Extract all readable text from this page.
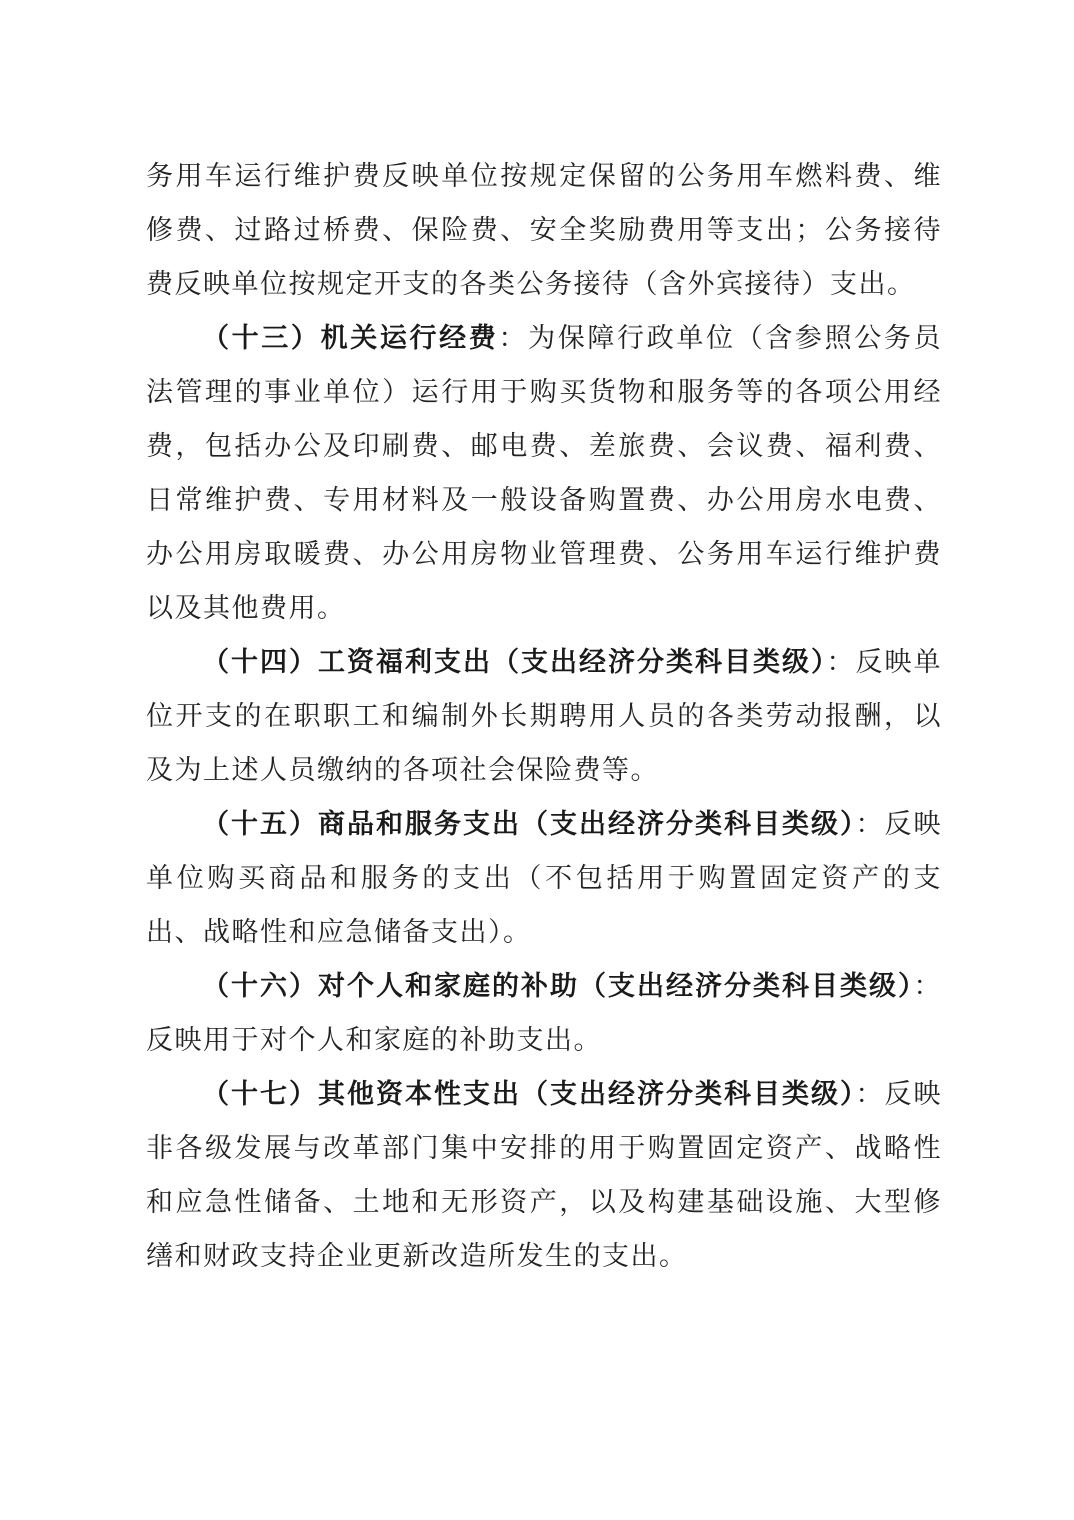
务用车运行维护费反映单位按规定保留的公务用车燃料费、维修费、过路过桥费、保险费、安全奖励费用等支出；公务接待费反映单位按规定开支的各类公务接待（含外宾接待）支出。

（十三）机关运行经费：为保障行政单位（含参照公务员法管理的事业单位）运行用于购买货物和服务等的各项公用经费，包括办公及印刷费、邮电费、差旅费、会议费、福利费、日常维护费、专用材料及一般设备购置费、办公用房水电费、办公用房取暖费、办公用房物业管理费、公务用车运行维护费以及其他费用。

（十四）工资福利支出（支出经济分类科目类级）：反映单位开支的在职职工和编制外长期聘用人员的各类劳动报酬，以及为上述人员缴纳的各项社会保险费等。

（十五）商品和服务支出（支出经济分类科目类级）：反映单位购买商品和服务的支出（不包括用于购置固定资产的支出、战略性和应急储备支出）。

（十六）对个人和家庭的补助（支出经济分类科目类级）：反映用于对个人和家庭的补助支出。

（十七）其他资本性支出（支出经济分类科目类级）：反映非各级发展与改革部门集中安排的用于购置固定资产、战略性和应急性储备、土地和无形资产，以及构建基础设施、大型修缮和财政支持企业更新改造所发生的支出。
